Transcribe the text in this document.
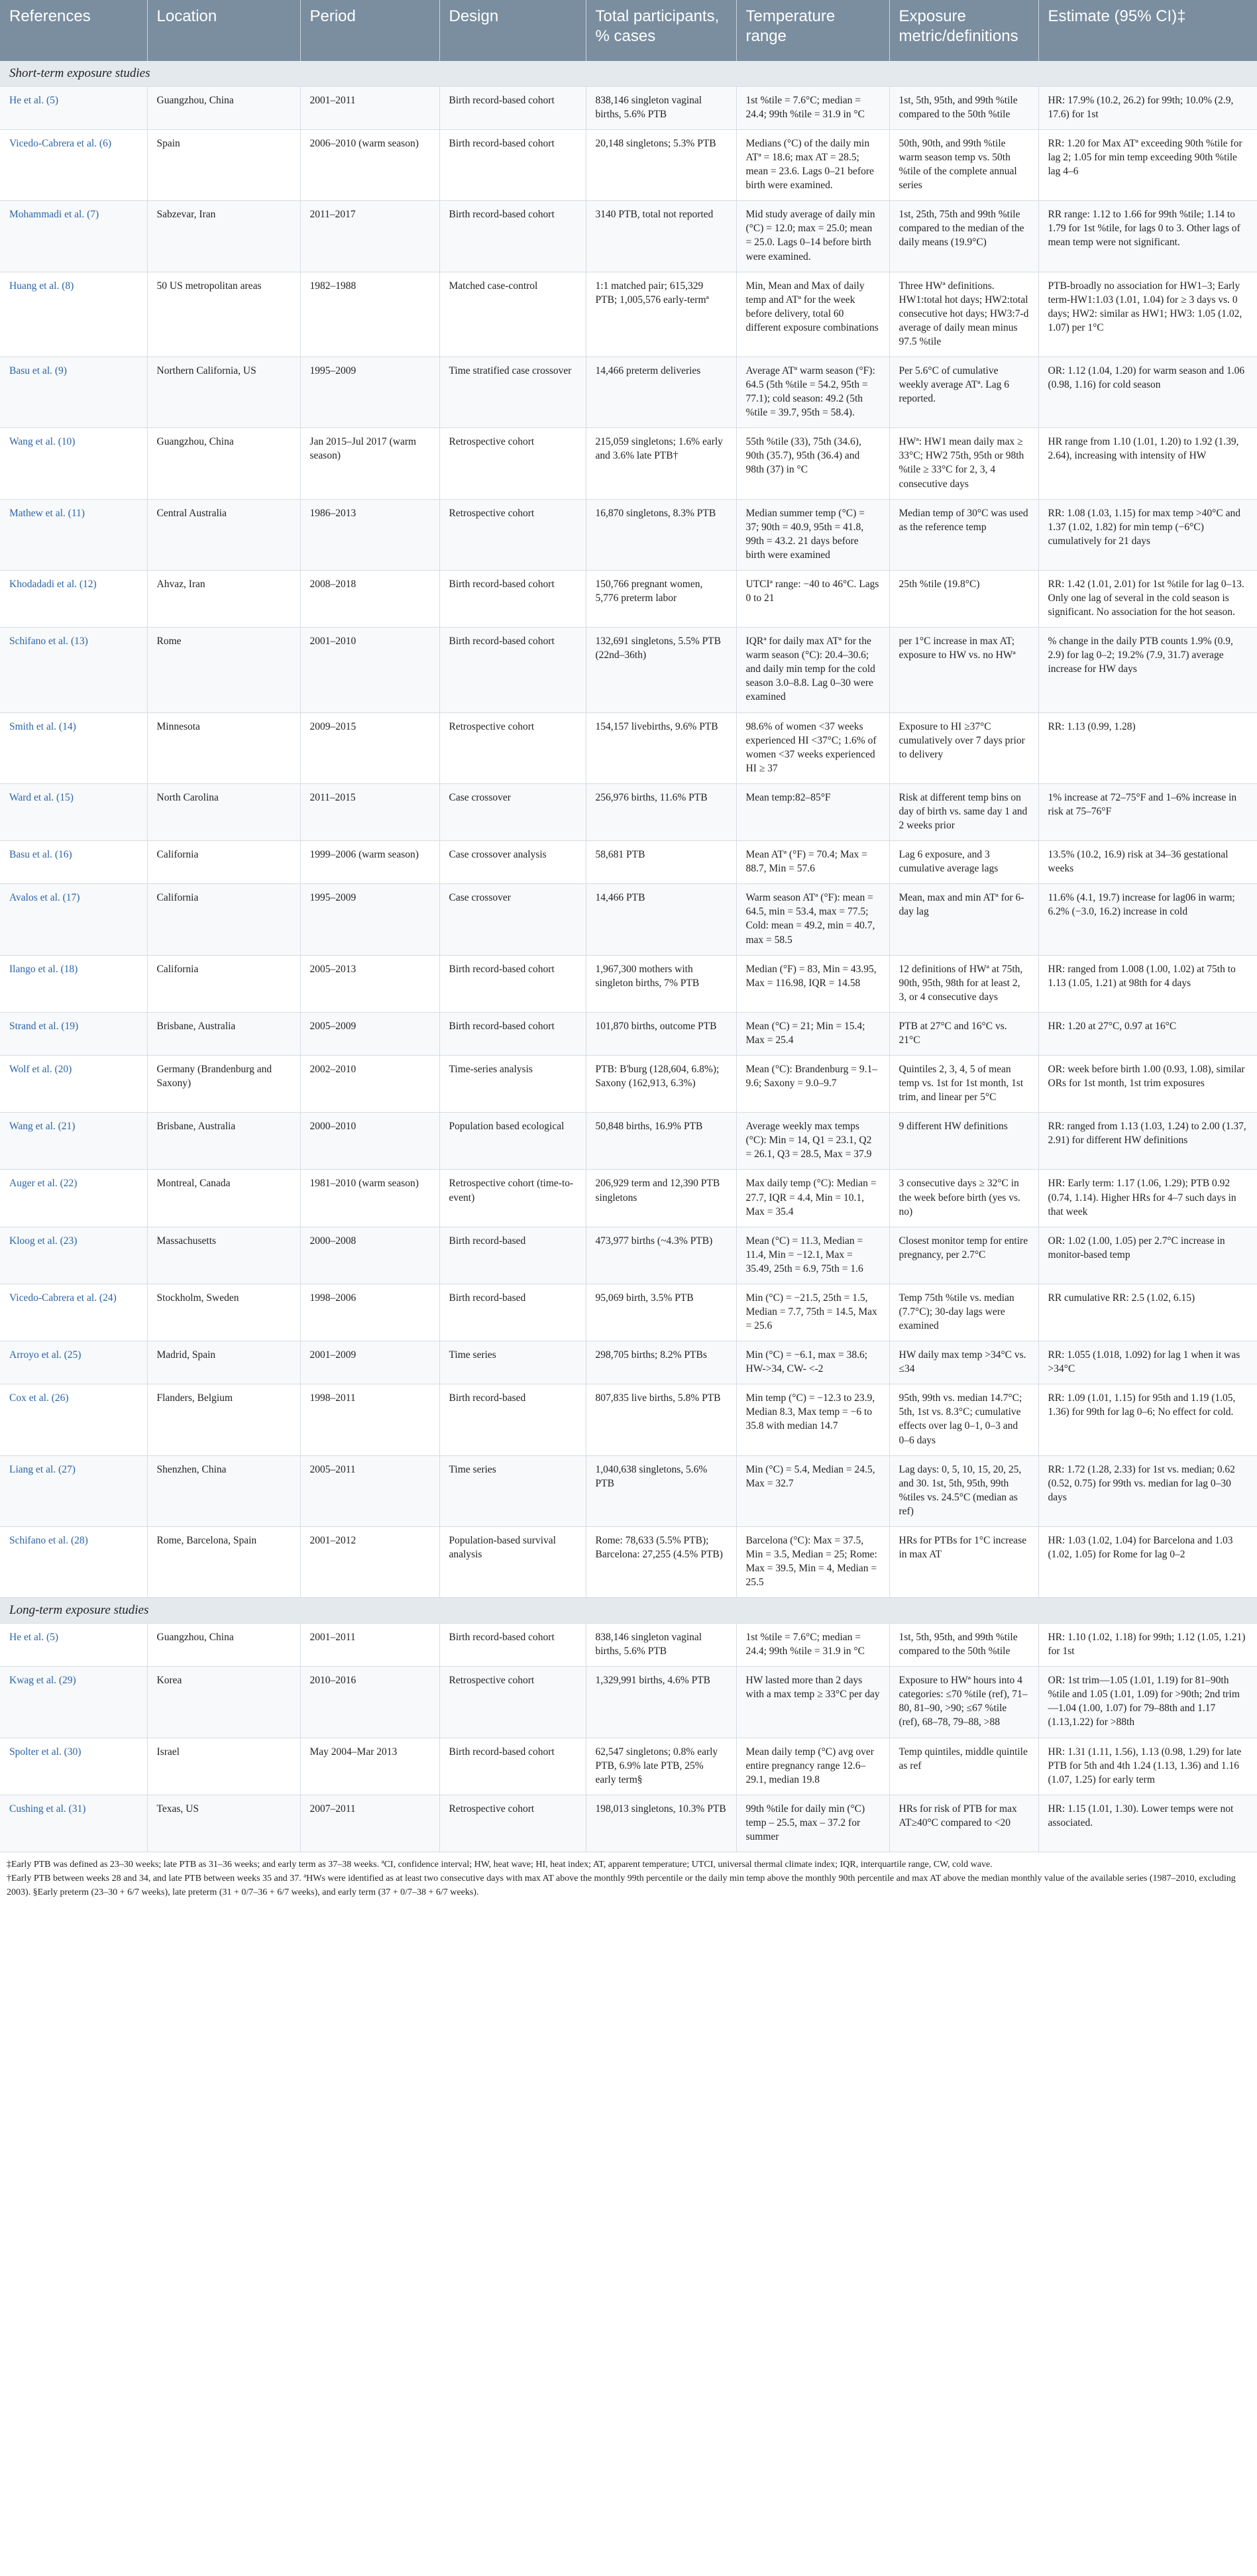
References	Location	Period	Design	Total participants, % cases	Temperature range	Exposure metric/definitions	Estimate (95% CI)‡
Short-term exposure studies							
He et al. (5)	Guangzhou, China	2001–2011	Birth record-based cohort	838,146 singleton vaginal births, 5.6% PTB	1st %tile = 7.6°C; median = 24.4; 99th %tile = 31.9 in °C	1st, 5th, 95th, and 99th %tile compared to the 50th %tile	HR: 17.9% (10.2, 26.2) for 99th; 10.0% (2.9, 17.6) for 1st
Vicedo-Cabrera et al. (6)	Spain	2006–2010 (warm season)	Birth record-based cohort	20,148 singletons; 5.3% PTB	Medians (°C) of the daily min ATª = 18.6; max AT = 28.5; mean = 23.6. Lags 0–21 before birth were examined.	50th, 90th, and 99th %tile warm season temp vs. 50th %tile of the complete annual series	RR: 1.20 for Max ATª exceeding 90th %tile for lag 2; 1.05 for min temp exceeding 90th %tile lag 4–6
Mohammadi et al. (7)	Sabzevar, Iran	2011–2017	Birth record-based cohort	3140 PTB, total not reported	Mid study average of daily min (°C) = 12.0; max = 25.0; mean = 25.0. Lags 0–14 before birth were examined.	1st, 25th, 75th and 99th %tile compared to the median of the daily means (19.9°C)	RR range: 1.12 to 1.66 for 99th %tile; 1.14 to 1.79 for 1st %tile, for lags 0 to 3. Other lags of mean temp were not significant.
Huang et al. (8)	50 US metropolitan areas	1982–1988	Matched case-control	1:1 matched pair; 615,329 PTB; 1,005,576 early-termª	Min, Mean and Max of daily temp and ATª for the week before delivery, total 60 different exposure combinations	Three HWª definitions. HW1:total hot days; HW2:total consecutive hot days; HW3:7-d average of daily mean minus 97.5 %tile	PTB-broadly no association for HW1–3; Early term-HW1:1.03 (1.01, 1.04) for ≥ 3 days vs. 0 days; HW2: similar as HW1; HW3: 1.05 (1.02, 1.07) per 1°C
Basu et al. (9)	Northern California, US	1995–2009	Time stratified case crossover	14,466 preterm deliveries	Average ATª warm season (°F): 64.5 (5th %tile = 54.2, 95th = 77.1); cold season: 49.2 (5th %tile = 39.7, 95th = 58.4).	Per 5.6°C of cumulative weekly average ATª. Lag 6 reported.	OR: 1.12 (1.04, 1.20) for warm season and 1.06 (0.98, 1.16) for cold season
Wang et al. (10)	Guangzhou, China	Jan 2015–Jul 2017 (warm season)	Retrospective cohort	215,059 singletons; 1.6% early and 3.6% late PTB†	55th %tile (33), 75th (34.6), 90th (35.7), 95th (36.4) and 98th (37) in °C	HWª: HW1 mean daily max ≥ 33°C; HW2 75th, 95th or 98th %tile ≥ 33°C for 2, 3, 4 consecutive days	HR range from 1.10 (1.01, 1.20) to 1.92 (1.39, 2.64), increasing with intensity of HW
Mathew et al. (11)	Central Australia	1986–2013	Retrospective cohort	16,870 singletons, 8.3% PTB	Median summer temp (°C) = 37; 90th = 40.9, 95th = 41.8, 99th = 43.2. 21 days before birth were examined	Median temp of 30°C was used as the reference temp	RR: 1.08 (1.03, 1.15) for max temp >40°C and 1.37 (1.02, 1.82) for min temp (−6°C) cumulatively for 21 days
Khodadadi et al. (12)	Ahvaz, Iran	2008–2018	Birth record-based cohort	150,766 pregnant women, 5,776 preterm labor	UTCIª range: −40 to 46°C. Lags 0 to 21	25th %tile (19.8°C)	RR: 1.42 (1.01, 2.01) for 1st %tile for lag 0–13. Only one lag of several in the cold season is significant. No association for the hot season.
Schifano et al. (13)	Rome	2001–2010	Birth record-based cohort	132,691 singletons, 5.5% PTB (22nd–36th)	IQRª for daily max ATª for the warm season (°C): 20.4–30.6; and daily min temp for the cold season 3.0–8.8. Lag 0–30 were examined	per 1°C increase in max AT; exposure to HW vs. no HWª	% change in the daily PTB counts 1.9% (0.9, 2.9) for lag 0–2; 19.2% (7.9, 31.7) average increase for HW days
Smith et al. (14)	Minnesota	2009–2015	Retrospective cohort	154,157 livebirths, 9.6% PTB	98.6% of women <37 weeks experienced HI <37°C; 1.6% of women <37 weeks experienced HI ≥ 37	Exposure to HI ≥37°C cumulatively over 7 days prior to delivery	RR: 1.13 (0.99, 1.28)
Ward et al. (15)	North Carolina	2011–2015	Case crossover	256,976 births, 11.6% PTB	Mean temp:82–85°F	Risk at different temp bins on day of birth vs. same day 1 and 2 weeks prior	1% increase at 72–75°F and 1–6% increase in risk at 75–76°F
Basu et al. (16)	California	1999–2006 (warm season)	Case crossover analysis	58,681 PTB	Mean ATª (°F) = 70.4; Max = 88.7, Min = 57.6	Lag 6 exposure, and 3 cumulative average lags	13.5% (10.2, 16.9) risk at 34–36 gestational weeks
Avalos et al. (17)	California	1995–2009	Case crossover	14,466 PTB	Warm season ATª (°F): mean = 64.5, min = 53.4, max = 77.5; Cold: mean = 49.2, min = 40.7, max = 58.5	Mean, max and min ATª for 6-day lag	11.6% (4.1, 19.7) increase for lag06 in warm; 6.2% (−3.0, 16.2) increase in cold
Ilango et al. (18)	California	2005–2013	Birth record-based cohort	1,967,300 mothers with singleton births, 7% PTB	Median (°F) = 83, Min = 43.95, Max = 116.98, IQR = 14.58	12 definitions of HWª at 75th, 90th, 95th, 98th for at least 2, 3, or 4 consecutive days	HR: ranged from 1.008 (1.00, 1.02) at 75th to 1.13 (1.05, 1.21) at 98th for 4 days
Strand et al. (19)	Brisbane, Australia	2005–2009	Birth record-based cohort	101,870 births, outcome PTB	Mean (°C) = 21; Min = 15.4; Max = 25.4	PTB at 27°C and 16°C vs. 21°C	HR: 1.20 at 27°C, 0.97 at 16°C
Wolf et al. (20)	Germany (Brandenburg and Saxony)	2002–2010	Time-series analysis	PTB: B'burg (128,604, 6.8%); Saxony (162,913, 6.3%)	Mean (°C): Brandenburg = 9.1–9.6; Saxony = 9.0–9.7	Quintiles 2, 3, 4, 5 of mean temp vs. 1st for 1st month, 1st trim, and linear per 5°C	OR: week before birth 1.00 (0.93, 1.08), similar ORs for 1st month, 1st trim exposures
Wang et al. (21)	Brisbane, Australia	2000–2010	Population based ecological	50,848 births, 16.9% PTB	Average weekly max temps (°C): Min = 14, Q1 = 23.1, Q2 = 26.1, Q3 = 28.5, Max = 37.9	9 different HW definitions	RR: ranged from 1.13 (1.03, 1.24) to 2.00 (1.37, 2.91) for different HW definitions
Auger et al. (22)	Montreal, Canada	1981–2010 (warm season)	Retrospective cohort (time-to-event)	206,929 term and 12,390 PTB singletons	Max daily temp (°C): Median = 27.7, IQR = 4.4, Min = 10.1, Max = 35.4	3 consecutive days ≥ 32°C in the week before birth (yes vs. no)	HR: Early term: 1.17 (1.06, 1.29); PTB 0.92 (0.74, 1.14). Higher HRs for 4–7 such days in that week
Kloog et al. (23)	Massachusetts	2000–2008	Birth record-based	473,977 births (~4.3% PTB)	Mean (°C) = 11.3, Median = 11.4, Min = −12.1, Max = 35.49, 25th = 6.9, 75th = 1.6	Closest monitor temp for entire pregnancy, per 2.7°C	OR: 1.02 (1.00, 1.05) per 2.7°C increase in monitor-based temp
Vicedo-Cabrera et al. (24)	Stockholm, Sweden	1998–2006	Birth record-based	95,069 birth, 3.5% PTB	Min (°C) = −21.5, 25th = 1.5, Median = 7.7, 75th = 14.5, Max = 25.6	Temp 75th %tile vs. median (7.7°C); 30-day lags were examined	RR cumulative RR: 2.5 (1.02, 6.15)
Arroyo et al. (25)	Madrid, Spain	2001–2009	Time series	298,705 births; 8.2% PTBs	Min (°C) = −6.1, max = 38.6; HW->34, CW- <-2	HW daily max temp >34°C vs. ≤34	RR: 1.055 (1.018, 1.092) for lag 1 when it was >34°C
Cox et al. (26)	Flanders, Belgium	1998–2011	Birth record-based	807,835 live births, 5.8% PTB	Min temp (°C) = −12.3 to 23.9, Median 8.3, Max temp = −6 to 35.8 with median 14.7	95th, 99th vs. median 14.7°C; 5th, 1st vs. 8.3°C; cumulative effects over lag 0–1, 0–3 and 0–6 days	RR: 1.09 (1.01, 1.15) for 95th and 1.19 (1.05, 1.36) for 99th for lag 0–6; No effect for cold.
Liang et al. (27)	Shenzhen, China	2005–2011	Time series	1,040,638 singletons, 5.6% PTB	Min (°C) = 5.4, Median = 24.5, Max = 32.7	Lag days: 0, 5, 10, 15, 20, 25, and 30. 1st, 5th, 95th, 99th %tiles vs. 24.5°C (median as ref)	RR: 1.72 (1.28, 2.33) for 1st vs. median; 0.62 (0.52, 0.75) for 99th vs. median for lag 0–30 days
Schifano et al. (28)	Rome, Barcelona, Spain	2001–2012	Population-based survival analysis	Rome: 78,633 (5.5% PTB); Barcelona: 27,255 (4.5% PTB)	Barcelona (°C): Max = 37.5, Min = 3.5, Median = 25; Rome: Max = 39.5, Min = 4, Median = 25.5	HRs for PTBs for 1°C increase in max AT	HR: 1.03 (1.02, 1.04) for Barcelona and 1.03 (1.02, 1.05) for Rome for lag 0–2
Long-term exposure studies							
He et al. (5)	Guangzhou, China	2001–2011	Birth record-based cohort	838,146 singleton vaginal births, 5.6% PTB	1st %tile = 7.6°C; median = 24.4; 99th %tile = 31.9 in °C	1st, 5th, 95th, and 99th %tile compared to the 50th %tile	HR: 1.10 (1.02, 1.18) for 99th; 1.12 (1.05, 1.21) for 1st
Kwag et al. (29)	Korea	2010–2016	Retrospective cohort	1,329,991 births, 4.6% PTB	HW lasted more than 2 days with a max temp ≥ 33°C per day	Exposure to HWª hours into 4 categories: ≤70 %tile (ref), 71–80, 81–90, >90; ≤67 %tile (ref), 68–78, 79–88, >88	OR: 1st trim—1.05 (1.01, 1.19) for 81–90th %tile and 1.05 (1.01, 1.09) for >90th; 2nd trim—1.04 (1.00, 1.07) for 79–88th and 1.17 (1.13,1.22) for >88th
Spolter et al. (30)	Israel	May 2004–Mar 2013	Birth record-based cohort	62,547 singletons; 0.8% early PTB, 6.9% late PTB, 25% early term§	Mean daily temp (°C) avg over entire pregnancy range 12.6–29.1, median 19.8	Temp quintiles, middle quintile as ref	HR: 1.31 (1.11, 1.56), 1.13 (0.98, 1.29) for late PTB for 5th and 4th 1.24 (1.13, 1.36) and 1.16 (1.07, 1.25) for early term
Cushing et al. (31)	Texas, US	2007–2011	Retrospective cohort	198,013 singletons, 10.3% PTB	99th %tile for daily min (°C) temp – 25.5, max – 37.2 for summer	HRs for risk of PTB for max AT≥40°C compared to <20	HR: 1.15 (1.01, 1.30). Lower temps were not associated.

‡Early PTB was defined as 23–30 weeks; late PTB as 31–36 weeks; and early term as 37–38 weeks. ªCI, confidence interval; HW, heat wave; HI, heat index; AT, apparent temperature; UTCI, universal thermal climate index; IQR, interquartile range, CW, cold wave.

†Early PTB between weeks 28 and 34, and late PTB between weeks 35 and 37. ªHWs were identified as at least two consecutive days with max AT above the monthly 99th percentile or the daily min temp above the monthly 90th percentile and max AT above the median monthly value of the available series (1987–2010, excluding 2003). §Early preterm (23–30 + 6/7 weeks), late preterm (31 + 0/7–36 + 6/7 weeks), and early term (37 + 0/7–38 + 6/7 weeks).
